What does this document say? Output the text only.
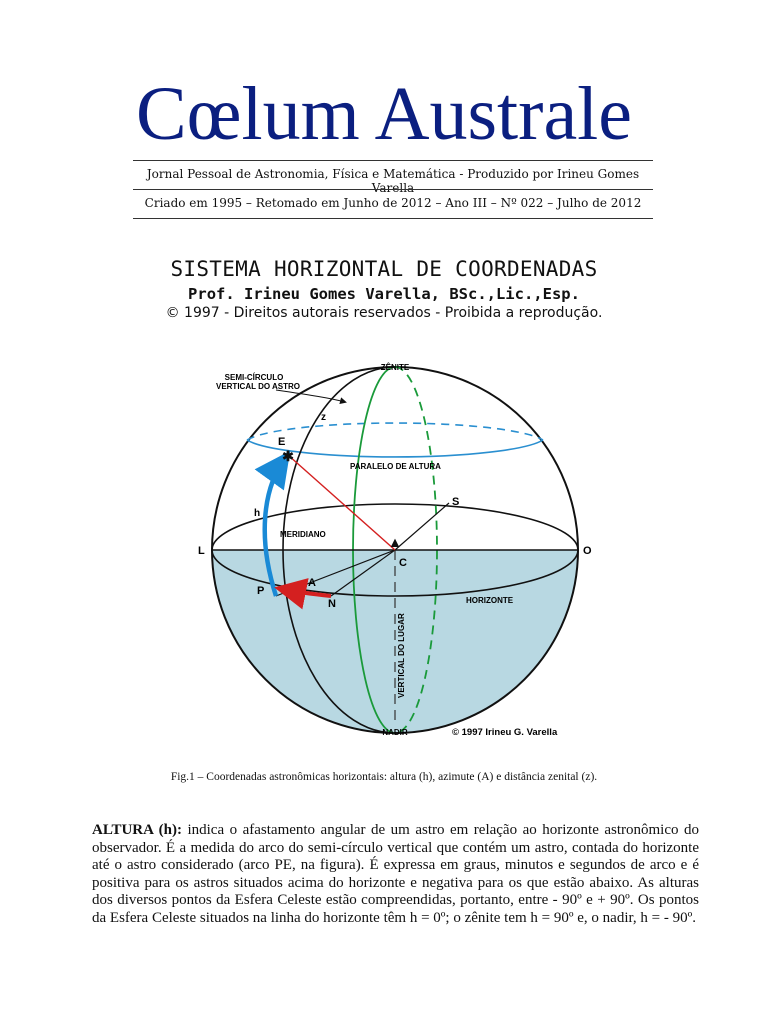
Cœlum Australe
Jornal Pessoal de Astronomia, Física e Matemática - Produzido por Irineu Gomes Varella
Criado em 1995 – Retomado em Junho de 2012 – Ano III – Nº 022 – Julho de 2012
SISTEMA HORIZONTAL DE COORDENADAS
Prof. Irineu Gomes Varella, BSc.,Lic.,Esp.
© 1997 - Direitos autorais reservados - Proibida a reprodução.
✱
ZÊNITE
SEMI-CÍRCULO
VERTICAL DO ASTRO
z
E
PARALELO DE ALTURA
S
h
MERIDIANO
L	O
C
A
P
N	HORIZONTE
VERTICAL DO LUGAR
NADIR	© 1997 Irineu G. Varella
Fig.1 – Coordenadas astronômicas horizontais: altura (h), azimute (A) e distância zenital (z).

ALTURA (h): indica o afastamento angular de um astro em relação ao horizonte astronômico do observador. É a medida do arco do semi-círculo vertical que contém um astro, contada do horizonte até o astro considerado (arco PE, na figura). É expressa em graus, minutos e segundos de arco e é positiva para os astros situados acima do horizonte e negativa para os que estão abaixo. As alturas dos diversos pontos da Esfera Celeste estão compreendidas, portanto, entre - 90º e + 90º. Os pontos da Esfera Celeste situados na linha do horizonte têm h = 0º; o zênite tem h = 90º e, o nadir, h = - 90º.
